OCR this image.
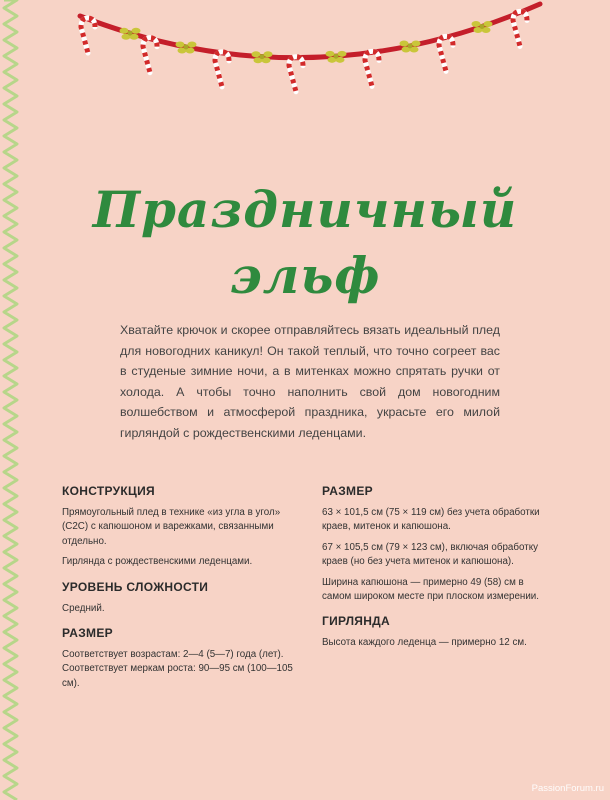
Праздничный
эльф

Хватайте крючок и скорее отправляйтесь вязать идеальный плед для новогодних каникул! Он такой теплый, что точно согреет вас в студеные зимние ночи, а в митенках можно спрятать ручки от холода. А чтобы точно наполнить свой дом новогодним волшебством и атмосферой праздника, украсьте его милой гирляндой с рождественскими леденцами.

КОНСТРУКЦИЯ

Прямоугольный плед в технике «из угла в угол» (С2С) с капюшоном и варежками, связанными отдельно.

Гирлянда с рождественскими леденцами.

УРОВЕНЬ СЛОЖНОСТИ

Средний.

РАЗМЕР

Соответствует возрастам: 2—4 (5—7) года (лет). Соответствует меркам роста: 90—95 см (100—105 см).

РАЗМЕР

63 × 101,5 см (75 × 119 см) без учета обработки краев, митенок и капюшона.

67 × 105,5 см (79 × 123 см), включая обработку краев (но без учета митенок и капюшона).

Ширина капюшона — примерно 49 (58) см в самом широком месте при плоском измерении.

ГИРЛЯНДА

Высота каждого леденца — примерно 12 см.

PassionForum.ru
